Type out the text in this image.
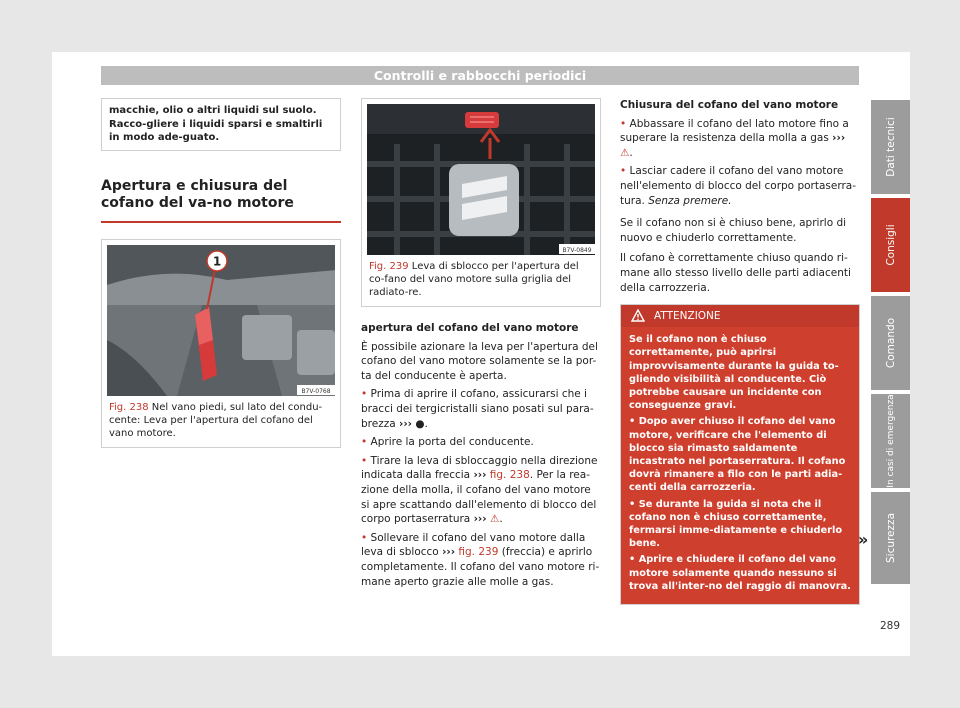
Controlli e rabbocchi periodici
macchie, olio o altri liquidi sul suolo. Racco-gliere i liquidi sparsi e smaltirli in modo ade-guato.
Apertura e chiusura del cofano del va-no motore
1
B7V-0768
Fig. 238 Nel vano piedi, sul lato del condu-cente: Leva per l'apertura del cofano del vano motore.
B7V-0849
Fig. 239 Leva di sblocco per l'apertura del co-fano del vano motore sulla griglia del radiato-re.

apertura del cofano del vano motore

È possibile azionare la leva per l'apertura del cofano del vano motore solamente se la por-ta del conducente è aperta.

• Prima di aprire il cofano, assicurarsi che i bracci dei tergicristalli siano posati sul para-brezza ››› ●.

• Aprire la porta del conducente.

• Tirare la leva di sbloccaggio nella direzione indicata dalla freccia ››› fig. 238. Per la rea-zione della molla, il cofano del vano motore si apre scattando dall'elemento di blocco del corpo portaserratura ››› ⚠.

• Sollevare il cofano del vano motore dalla leva di sblocco ››› fig. 239 (freccia) e aprirlo completamente. Il cofano del vano motore ri-mane aperto grazie alle molle a gas.

Chiusura del cofano del vano motore

• Abbassare il cofano del lato motore fino a superare la resistenza della molla a gas ››› ⚠.

• Lasciar cadere il cofano del vano motore nell'elemento di blocco del corpo portaserra-tura. Senza premere.

Se il cofano non si è chiuso bene, aprirlo di nuovo e chiuderlo correttamente.

Il cofano è correttamente chiuso quando ri-mane allo stesso livello delle parti adiacenti della carrozzeria.

ATTENZIONE

Se il cofano non è chiuso correttamente, può aprirsi improvvisamente durante la guida to-gliendo visibilità al conducente. Ciò potrebbe causare un incidente con conseguenze gravi.

• Dopo aver chiuso il cofano del vano motore, verificare che l'elemento di blocco sia rimasto saldamente incastrato nel portaserratura. Il cofano dovrà rimanere a filo con le parti adia-centi della carrozzeria.

• Se durante la guida si nota che il cofano non è chiuso correttamente, fermarsi imme-diatamente e chiuderlo bene.

• Aprire e chiudere il cofano del vano motore solamente quando nessuno si trova all'inter-no del raggio di manovra.

»
Dati tecnici
Consigli
Comando
In casi di emergenza
Sicurezza
289
